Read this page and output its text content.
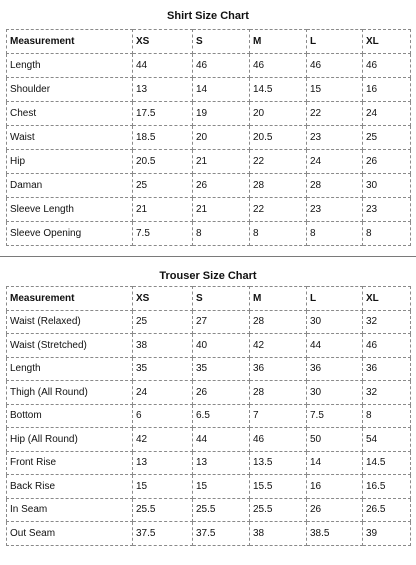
Shirt Size Chart
Measurement	XS	S	M	L	XL
Length	44	46	46	46	46
Shoulder	13	14	14.5	15	16
Chest	17.5	19	20	22	24
Waist	18.5	20	20.5	23	25
Hip	20.5	21	22	24	26
Daman	25	26	28	28	30
Sleeve Length	21	21	22	23	23
Sleeve Opening	7.5	8	8	8	8
Trouser Size Chart
Measurement	XS	S	M	L	XL
Waist (Relaxed)	25	27	28	30	32
Waist (Stretched)	38	40	42	44	46
Length	35	35	36	36	36
Thigh (All Round)	24	26	28	30	32
Bottom	6	6.5	7	7.5	8
Hip (All Round)	42	44	46	50	54
Front Rise	13	13	13.5	14	14.5
Back Rise	15	15	15.5	16	16.5
In Seam	25.5	25.5	25.5	26	26.5
Out Seam	37.5	37.5	38	38.5	39
